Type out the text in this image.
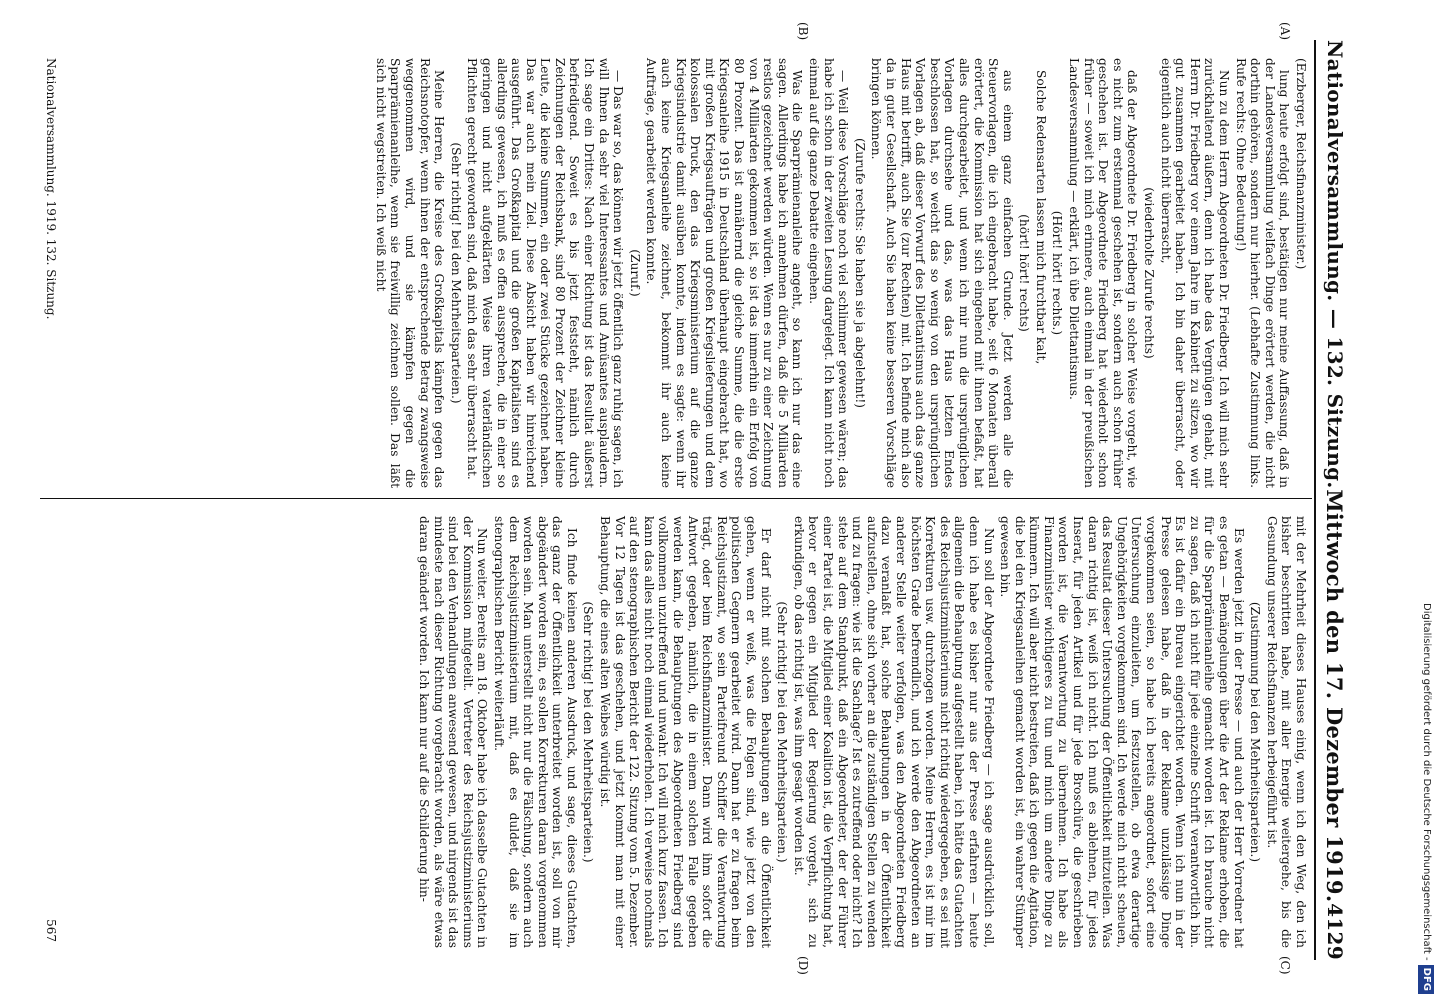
Nationalversammlung. — 132. Sitzung.
Mittwoch den 17. Dezember 1919.
4129
(A)
(B)
(C)
(D)

(Erzberger, Reichsfinanzminister.)

lung heute erfolgt sind, bestätigen nur meine Auffassung, daß in der Landesversammlung vielfach Dinge erörtert werden, die nicht dorthin gehören, sondern nur hierher. (Lebhafte Zustimmung links. Rufe rechts: Ohne Bedeutung!)

Nun zu dem Herrn Abgeordneten Dr. Friedberg. Ich will mich sehr zurückhaltend äußern, denn ich habe das Vergnügen gehabt, mit Herrn Dr. Friedberg vor einem Jahre im Kabinett zu sitzen, wo wir gut zusammen gearbeitet haben. Ich bin daher überrascht, oder eigentlich auch nicht überrascht,

(wiederholte Zurufe rechts)

daß der Abgeordnete Dr. Friedberg in solcher Weise vorgeht, wie es nicht zum erstenmal geschehen ist, sondern auch schon früher geschehen ist. Der Abgeordnete Friedberg hat wiederholt schon früher — soweit ich mich erinnere, auch einmal in der preußischen Landesversammlung — erklärt, ich übe Dilettantismus.

(Hört! hört! rechts.)

Solche Redensarten lassen mich furchtbar kalt,

(hört! hört! rechts)

aus einem ganz einfachen Grunde. Jetzt werden alle die Steuervorlagen, die ich eingebracht habe, seit 6 Monaten überall erörtert, die Kommission hat sich eingehend mit ihnen befaßt, hat alles durchgearbeitet, und wenn ich mir nun die ursprünglichen Vorlagen durchsehe und das, was das Haus letzten Endes beschlossen hat, so weicht das so wenig von den ursprünglichen Vorlagen ab, daß dieser Vorwurf des Dilettantismus auch das ganze Haus mit betrifft, auch Sie (zur Rechten) mit. Ich befinde mich also da in guter Gesellschaft. Auch Sie haben keine besseren Vorschläge bringen können.

(Zurufe rechts: Sie haben sie ja abgelehnt!)

— Weil diese Vorschläge noch viel schlimmer gewesen wären; das habe ich schon in der zweiten Lesung dargelegt. Ich kann nicht noch einmal auf die ganze Debatte eingehen.

Was die Sparprämienanleihe angeht, so kann ich nur das eine sagen. Allerdings habe ich annehmen dürfen, daß die 5 Milliarden restlos gezeichnet werden würden. Wenn es nur zu einer Zeichnung von 4 Milliarden gekommen ist, so ist das immerhin ein Erfolg von 80 Prozent. Das ist annähernd die gleiche Summe, die die erste Kriegsanleihe 1915 in Deutschland überhaupt eingebracht hat, wo mit großen Kriegsaufträgen und großen Kriegslieferungen und dem kolossalen Druck, den das Kriegsministerium auf die ganze Kriegsindustrie damit ausüben konnte, indem es sagte: wenn ihr auch keine Kriegsanleihe zeichnet, bekommt ihr auch keine Aufträge, gearbeitet werden konnte.

(Zuruf.)

— Das war so, das können wir jetzt öffentlich ganz ruhig sagen, ich will Ihnen da sehr viel Interessantes und Amüsantes ausplaudern. Ich sage ein Drittes: Nach einer Richtung ist das Resultat äußerst befriedigend. Soweit es bis jetzt feststeht, nämlich durch Zeichnungen der Reichsbank, sind 80 Prozent der Zeichner kleine Leute, die kleine Summen, ein oder zwei Stücke gezeichnet haben. Das war auch mein Ziel. Diese Absicht haben wir hinreichend ausgeführt. Das Großkapital und die großen Kapitalisten sind es allerdings gewesen, ich muß es offen aussprechen, die in einer so geringen und nicht aufgeklärten Weise ihren vaterländischen Pflichten gerecht geworden sind, daß mich das sehr überrascht hat.

(Sehr richtig! bei den Mehrheitsparteien.)

Meine Herren, die Kreise des Großkapitals kämpfen gegen das Reichsnotopfer, wenn ihnen der entsprechende Betrag zwangsweise weggenommen wird, und sie kämpfen gegen die Sparprämienanleihe, wenn sie freiwillig zeichnen sollen. Das läßt sich nicht wegstreiten. Ich weiß nicht

mit der Mehrheit dieses Hauses einig, wenn ich den Weg, den ich bisher beschritten habe, mit aller Energie weitergehe, bis die Gesundung unserer Reichsfinanzen herbeigeführt ist.

(Zustimmung bei den Mehrheitsparteien.)

Es werden jetzt in der Presse — und auch der Herr Vorredner hat es getan — Bemängelungen über die Art der Reklame erhoben, die für die Sparprämienanleihe gemacht worden ist. Ich brauche nicht zu sagen, daß ich nicht für jede einzelne Schrift verantwortlich bin. Es ist dafür ein Bureau eingerichtet worden. Wenn ich nun in der Presse gelesen habe, daß in der Reklame unzulässige Dinge vorgekommen seien, so habe ich bereits angeordnet, sofort eine Untersuchung einzuleiten, um festzustellen, ob etwa derartige Ungehörigkeiten vorgekommen sind. Ich werde mich nicht scheuen, das Resultat dieser Untersuchung der Öffentlichkeit mitzuteilen. Was daran richtig ist, weiß ich nicht. Ich muß es ablehnen, für jedes Inserat, für jeden Artikel und für jede Broschüre, die geschrieben worden ist, die Verantwortung zu übernehmen. Ich habe als Finanzminister wichtigeres zu tun und mich um andere Dinge zu kümmern. Ich will aber nicht bestreiten, daß ich gegen die Agitation, die bei den Kriegsanleihen gemacht worden ist, ein wahrer Stümper gewesen bin.

Nun soll der Abgeordnete Friedberg — ich sage ausdrücklich soll, denn ich habe es bisher nur aus der Presse erfahren — heute allgemein die Behauptung aufgestellt haben, ich hätte das Gutachten des Reichsjustizministeriums nicht richtig wiedergegeben, es sei mit Korrekturen usw. durchzogen worden. Meine Herren, es ist mir im höchsten Grade befremdlich, und ich werde den Abgeordneten an anderer Stelle weiter verfolgen, was den Abgeordneten Friedberg dazu veranlaßt hat, solche Behauptungen in der Öffentlichkeit aufzustellen, ohne sich vorher an die zuständigen Stellen zu wenden und zu fragen: wie ist die Sachlage? Ist es zutreffend oder nicht? Ich stehe auf dem Standpunkt, daß ein Abgeordneter, der der Führer einer Partei ist, die Mitglied einer Koalition ist, die Verpflichtung hat, bevor er gegen ein Mitglied der Regierung vorgeht, sich zu erkundigen, ob das richtig ist, was ihm gesagt worden ist.

(Sehr richtig! bei den Mehrheitsparteien.)

Er darf nicht mit solchen Behauptungen an die Öffentlichkeit gehen, wenn er weiß, was die Folgen sind, wie jetzt von den politischen Gegnern gearbeitet wird. Dann hat er zu fragen beim Reichsjustizamt, wo sein Parteifreund Schiffer die Verantwortung trägt, oder beim Reichsfinanzminister. Dann wird ihm sofort die Antwort gegeben, nämlich, die in einem solchen Falle gegeben werden kann, die Behauptungen des Abgeordneten Friedberg sind vollkommen unzutreffend und unwahr. Ich will mich kurz fassen. Ich kann das alles nicht noch einmal wiederholen. Ich verweise nochmals auf den stenographischen Bericht der 122. Sitzung vom 5. Dezember. Vor 12 Tagen ist das geschehen, und jetzt kommt man mit einer Behauptung, die eines alten Weibes würdig ist.

(Sehr richtig! bei den Mehrheitsparteien.)

Ich finde keinen anderen Ausdruck, und sage, dieses Gutachten, das ganz der Öffentlichkeit unterbreitet worden ist, soll von mir abgeändert worden sein, es sollen Korrekturen daran vorgenommen worden sein. Man unterstellt nicht nur die Fälschung, sondern auch dem Reichsjustizministerium mit, daß es duldet, daß sie im stenographischen Bericht weiterläuft.

Nun weiter. Bereits am 18. Oktober habe ich dasselbe Gutachten in der Kommission mitgeteilt. Vertreter des Reichsjustizministeriums sind bei den Verhandlungen anwesend gewesen, und nirgends ist das mindeste nach dieser Richtung vorgebracht worden, als wäre etwas daran geändert worden. Ich kann nur auf die Schilderung hin-

Nationalversammlung. 1919. 132. Sitzung.
567	Digitalisierung gefördert durch die Deutsche Forschungsgemeinschaft -DFG
